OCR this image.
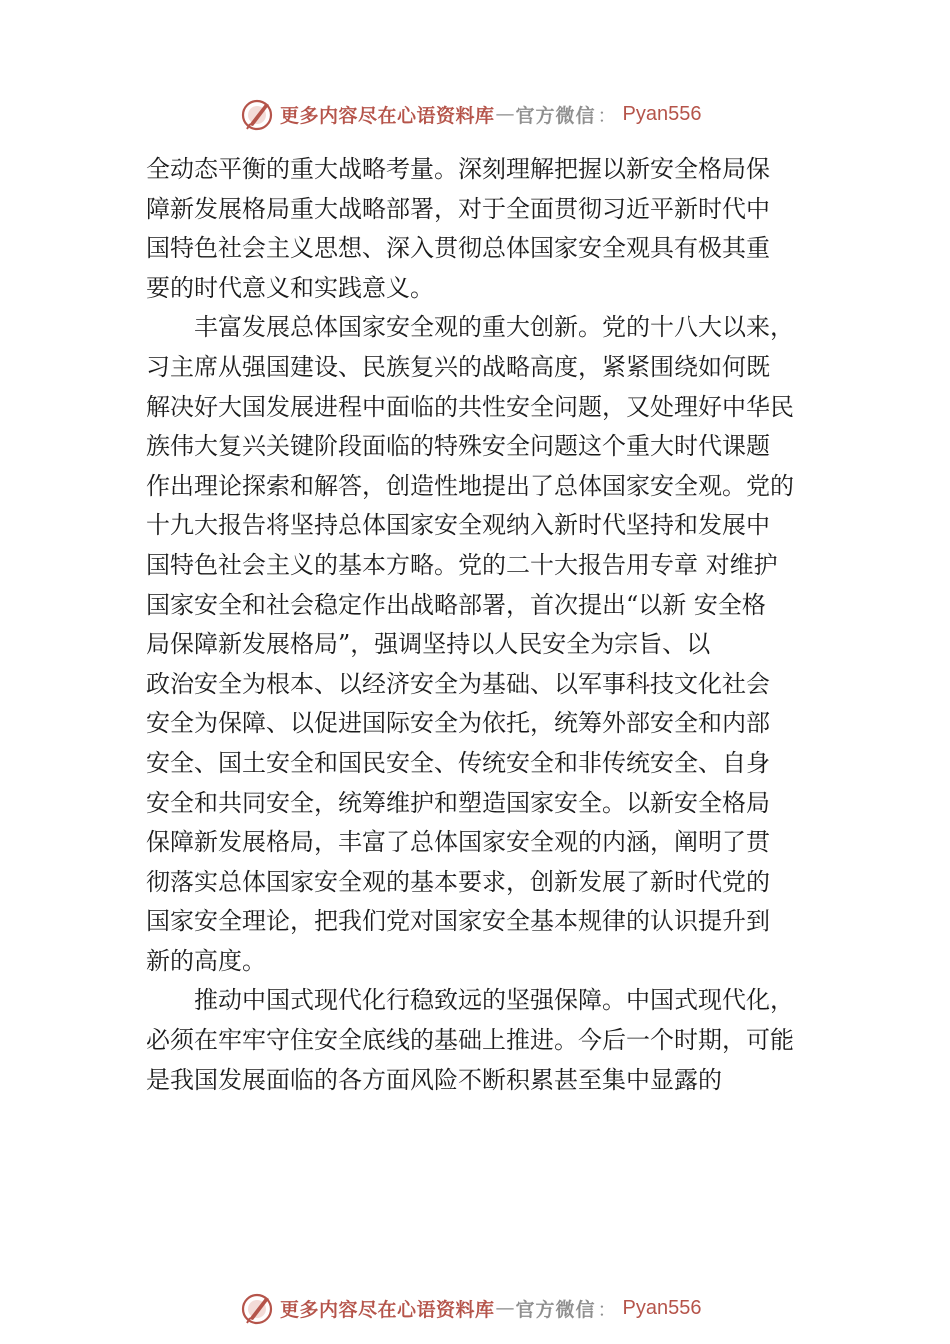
更多内容尽在心语资料库 — 官方微信 ： Pyan556

全动态平衡的重大战略考量。深刻理解把握以新安全格局保

障新发展格局重大战略部署，对于全面贯彻习近平新时代中

国特色社会主义思想、深入贯彻总体国家安全观具有极其重

要的时代意义和实践意义。

丰富发展总体国家安全观的重大创新。党的十八大以来，

习主席从强国建设、民族复兴的战略高度，紧紧围绕如何既

解决好大国发展进程中面临的共性安全问题，又处理好中华民

族伟大复兴关键阶段面临的特殊安全问题这个重大时代课题

作出理论探索和解答，创造性地提出了总体国家安全观。党的

十九大报告将坚持总体国家安全观纳入新时代坚持和发展中

国特色社会主义的基本方略。党的二十大报告用专章 对维护

国家安全和社会稳定作出战略部署，首次提出“以新 安全格

局保障新发展格局”，强调坚持以人民安全为宗旨、以

政治安全为根本、以经济安全为基础、以军事科技文化社会

安全为保障、以促进国际安全为依托，统筹外部安全和内部

安全、国土安全和国民安全、传统安全和非传统安全、自身

安全和共同安全，统筹维护和塑造国家安全。以新安全格局

保障新发展格局，丰富了总体国家安全观的内涵，阐明了贯

彻落实总体国家安全观的基本要求，创新发展了新时代党的

国家安全理论，把我们党对国家安全基本规律的认识提升到

新的高度。

推动中国式现代化行稳致远的坚强保障。中国式现代化，

必须在牢牢守住安全底线的基础上推进。今后一个时期，可能

是我国发展面临的各方面风险不断积累甚至集中显露的

更多内容尽在心语资料库 — 官方微信 ： Pyan556
